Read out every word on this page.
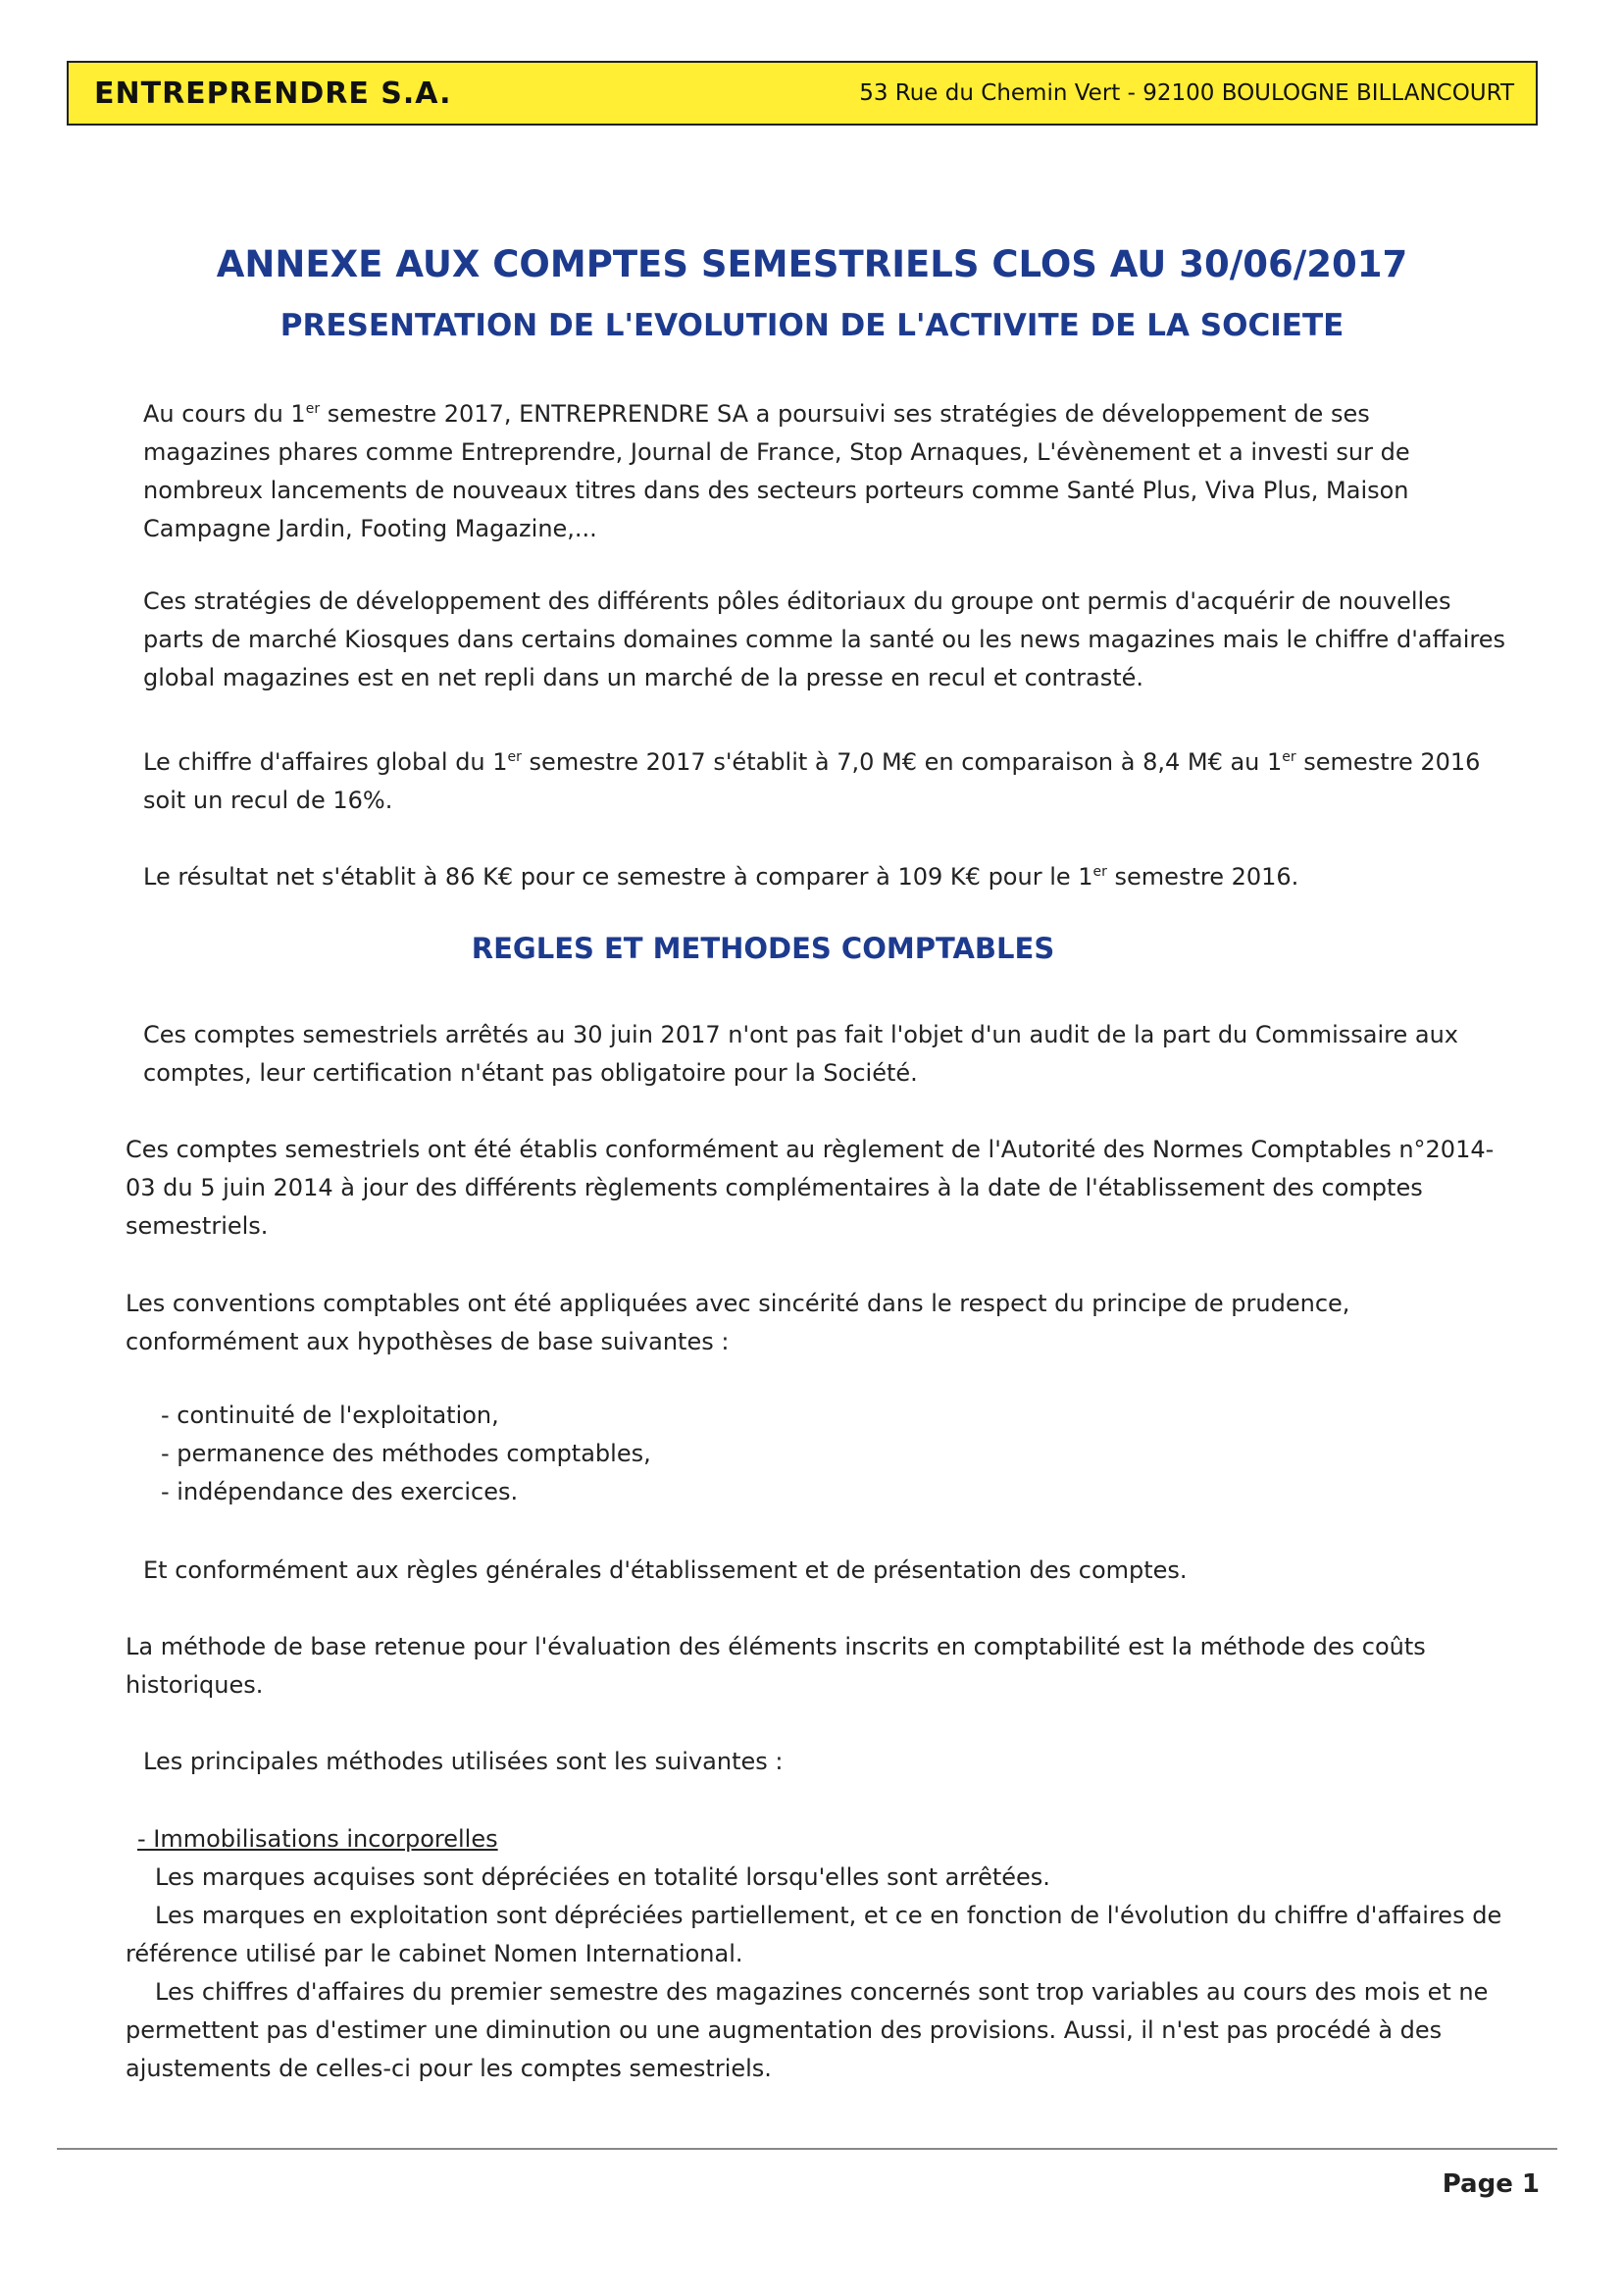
ENTREPRENDRE S.A.	53 Rue du Chemin Vert - 92100 BOULOGNE BILLANCOURT
ANNEXE AUX COMPTES SEMESTRIELS CLOS AU 30/06/2017
PRESENTATION DE L'EVOLUTION DE L'ACTIVITE DE LA SOCIETE

Au cours du 1er semestre 2017, ENTREPRENDRE SA a poursuivi ses stratégies de développement de ses magazines phares comme Entreprendre, Journal de France, Stop Arnaques, L'évènement et a investi sur de nombreux lancements de nouveaux titres dans des secteurs porteurs comme Santé Plus, Viva Plus, Maison Campagne Jardin, Footing Magazine,...

Ces stratégies de développement des différents pôles éditoriaux du groupe ont permis d'acquérir de nouvelles parts de marché Kiosques dans certains domaines comme la santé ou les news magazines mais le chiffre d'affaires global magazines est en net repli dans un marché de la presse en recul et contrasté.

Le chiffre d'affaires global du 1er semestre 2017 s'établit à 7,0 M€ en comparaison à 8,4 M€ au 1er semestre 2016 soit un recul de 16%.

Le résultat net s'établit à 86 K€ pour ce semestre à comparer à 109 K€ pour le 1er semestre 2016.

REGLES ET METHODES COMPTABLES

Ces comptes semestriels arrêtés au 30 juin 2017 n'ont pas fait l'objet d'un audit de la part du Commissaire aux comptes, leur certification n'étant pas obligatoire pour la Société.

Ces comptes semestriels ont été établis conformément au règlement de l'Autorité des Normes Comptables n°2014-03 du 5 juin 2014 à jour des différents règlements complémentaires à la date de l'établissement des comptes semestriels.

Les conventions comptables ont été appliquées avec sincérité dans le respect du principe de prudence, conformément aux hypothèses de base suivantes :

- continuité de l'exploitation,
- permanence des méthodes comptables,
- indépendance des exercices.

Et conformément aux règles générales d'établissement et de présentation des comptes.

La méthode de base retenue pour l'évaluation des éléments inscrits en comptabilité est la méthode des coûts historiques.

Les principales méthodes utilisées sont les suivantes :

- Immobilisations incorporelles

Les marques acquises sont dépréciées en totalité lorsqu'elles sont arrêtées.

Les marques en exploitation sont dépréciées partiellement, et ce en fonction de l'évolution du chiffre d'affaires de référence utilisé par le cabinet Nomen International.

Les chiffres d'affaires du premier semestre des magazines concernés sont trop variables au cours des mois et ne permettent pas d'estimer une diminution ou une augmentation des provisions. Aussi, il n'est pas procédé à des ajustements de celles-ci pour les comptes semestriels.

Page 1
